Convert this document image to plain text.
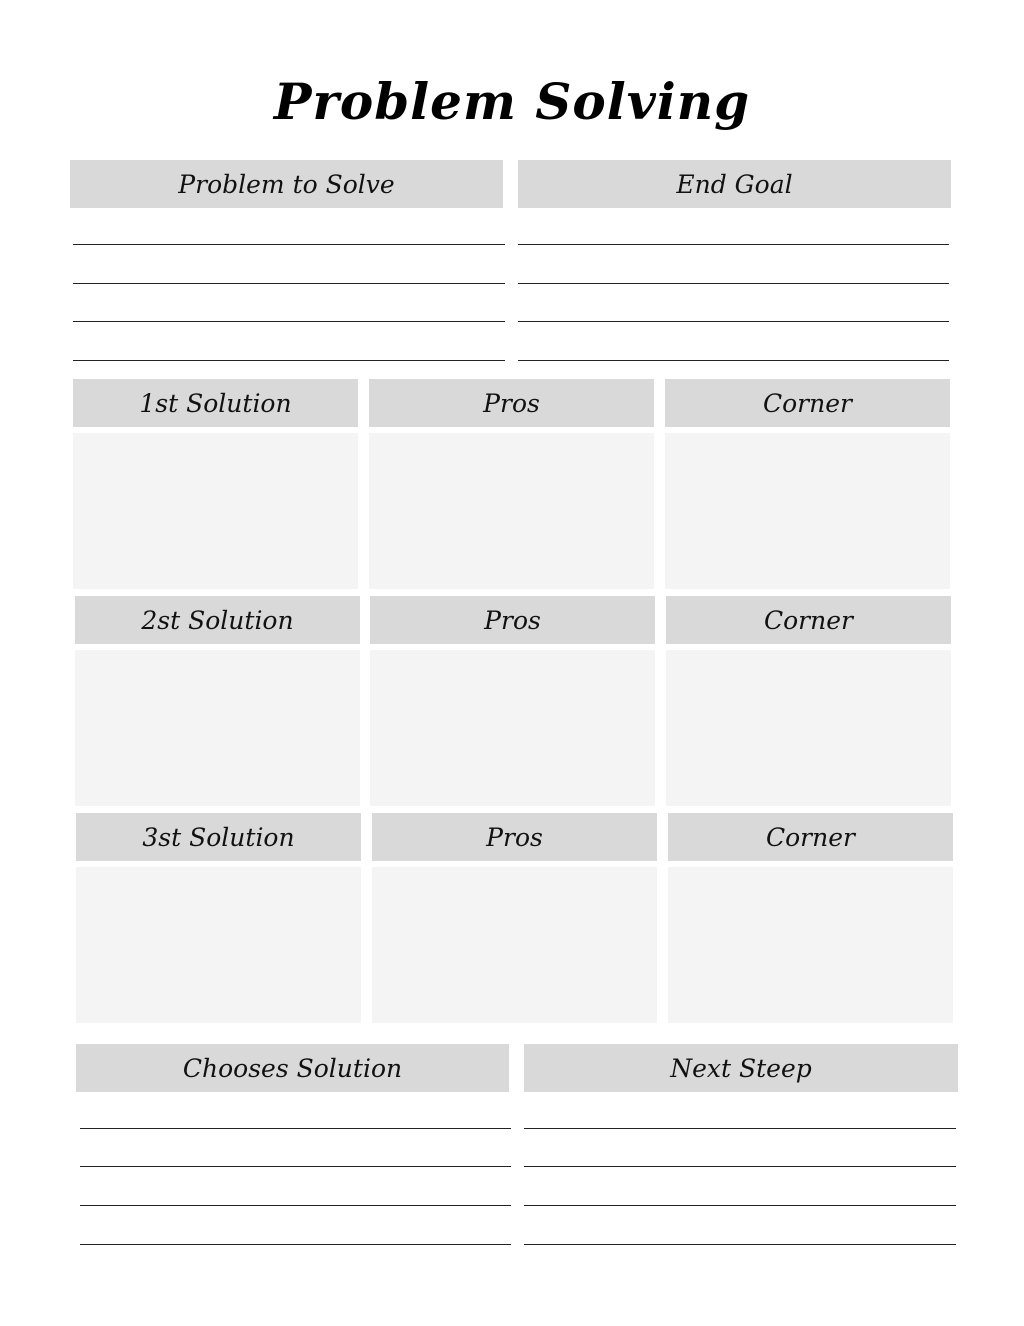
Problem Solving
Problem to Solve	End Goal
1st Solution	Pros	Corner
2st Solution	Pros	Corner
3st Solution	Pros	Corner
Chooses Solution	Next Steep
